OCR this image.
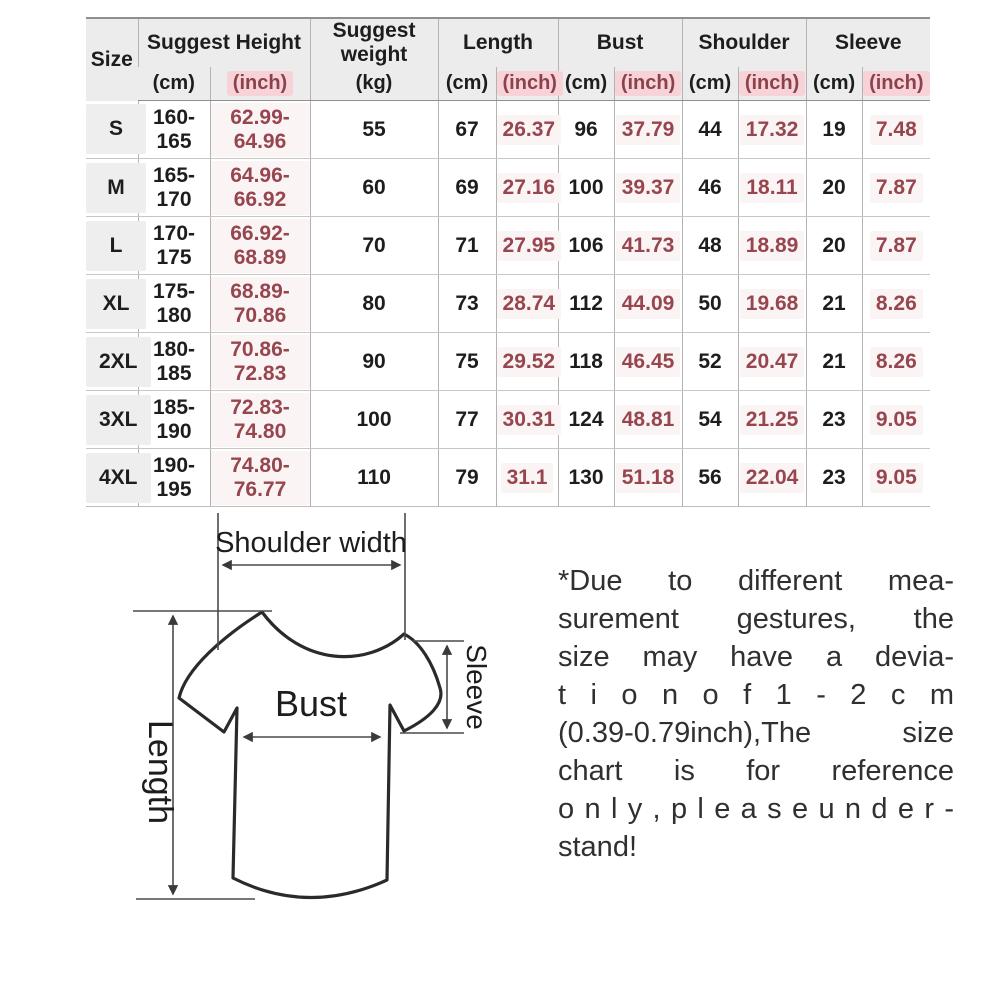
Size	Suggest Height		Suggest weight	Length		Bust		Shoulder		Sleeve	
	(cm)	(inch)	(kg)	(cm)	(inch)	(cm)	(inch)	(cm)	(inch)	(cm)	(inch)
S	160-165	62.99-64.96	55	67	26.37	96	37.79	44	17.32	19	7.48
M	165-170	64.96-66.92	60	69	27.16	100	39.37	46	18.11	20	7.87
L	170-175	66.92-68.89	70	71	27.95	106	41.73	48	18.89	20	7.87
XL	175-180	68.89-70.86	80	73	28.74	112	44.09	50	19.68	21	8.26
2XL	180-185	70.86-72.83	90	75	29.52	118	46.45	52	20.47	21	8.26
3XL	185-190	72.83-74.80	100	77	30.31	124	48.81	54	21.25	23	9.05
4XL	190-195	74.80-76.77	110	79	31.1	130	51.18	56	22.04	23	9.05
Shoulder width
Length
Bust	Sleeve
*Due to different mea-
surement gestures, the
size may have a devia-
t i o n o f 1 - 2 c m
(0.39-0.79inch),The size
chart is for reference
o n l y , p l e a s e u n d e r -
stand!
